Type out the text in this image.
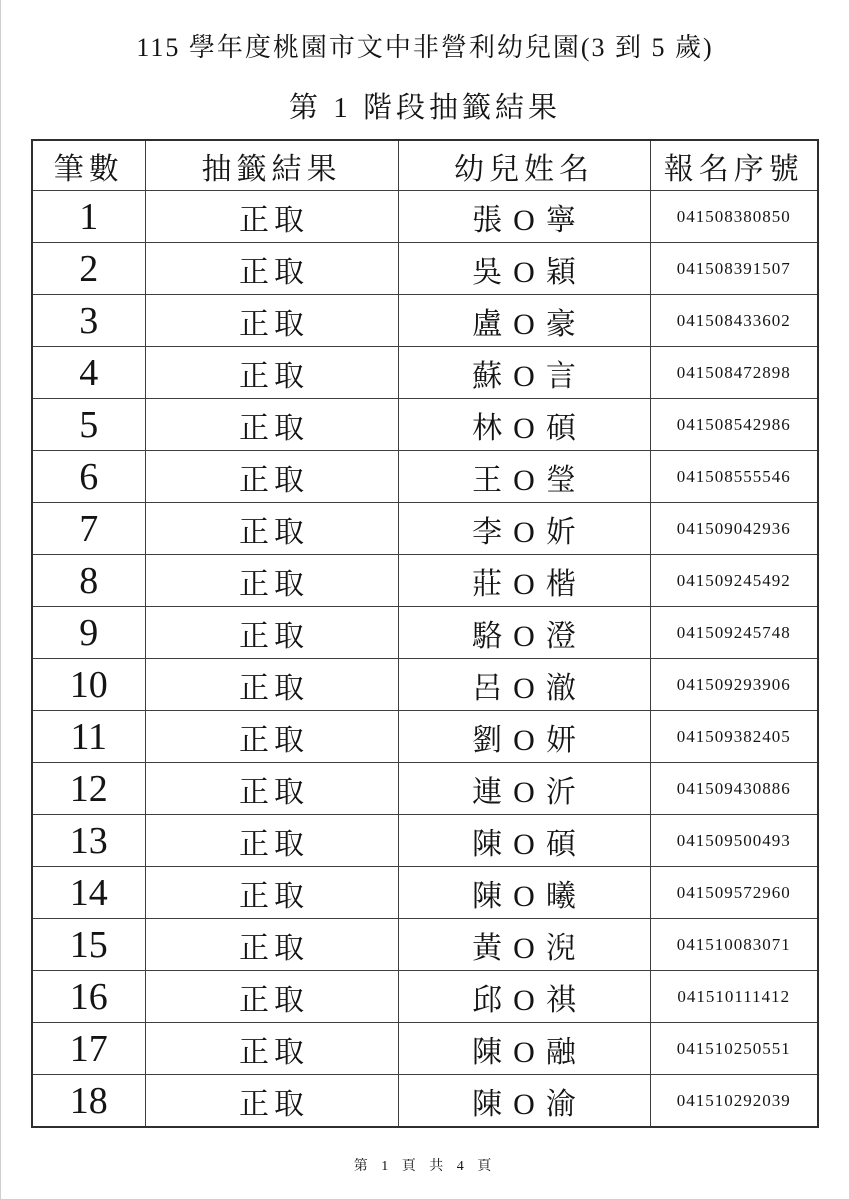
115 學年度桃園市文中非營利幼兒園(3 到 5 歲)
第 1 階段抽籤結果
筆數	抽籤結果	幼兒姓名	報名序號
1	正取	張O寧	041508380850
2	正取	吳O穎	041508391507
3	正取	盧O豪	041508433602
4	正取	蘇O言	041508472898
5	正取	林O碩	041508542986
6	正取	王O瑩	041508555546
7	正取	李O妡	041509042936
8	正取	莊O楷	041509245492
9	正取	駱O澄	041509245748
10	正取	呂O澈	041509293906
11	正取	劉O妍	041509382405
12	正取	連O沂	041509430886
13	正取	陳O碩	041509500493
14	正取	陳O曦	041509572960
15	正取	黃O淣	041510083071
16	正取	邱O祺	041510111412
17	正取	陳O融	041510250551
18	正取	陳O渝	041510292039
第 1 頁 共 4 頁
